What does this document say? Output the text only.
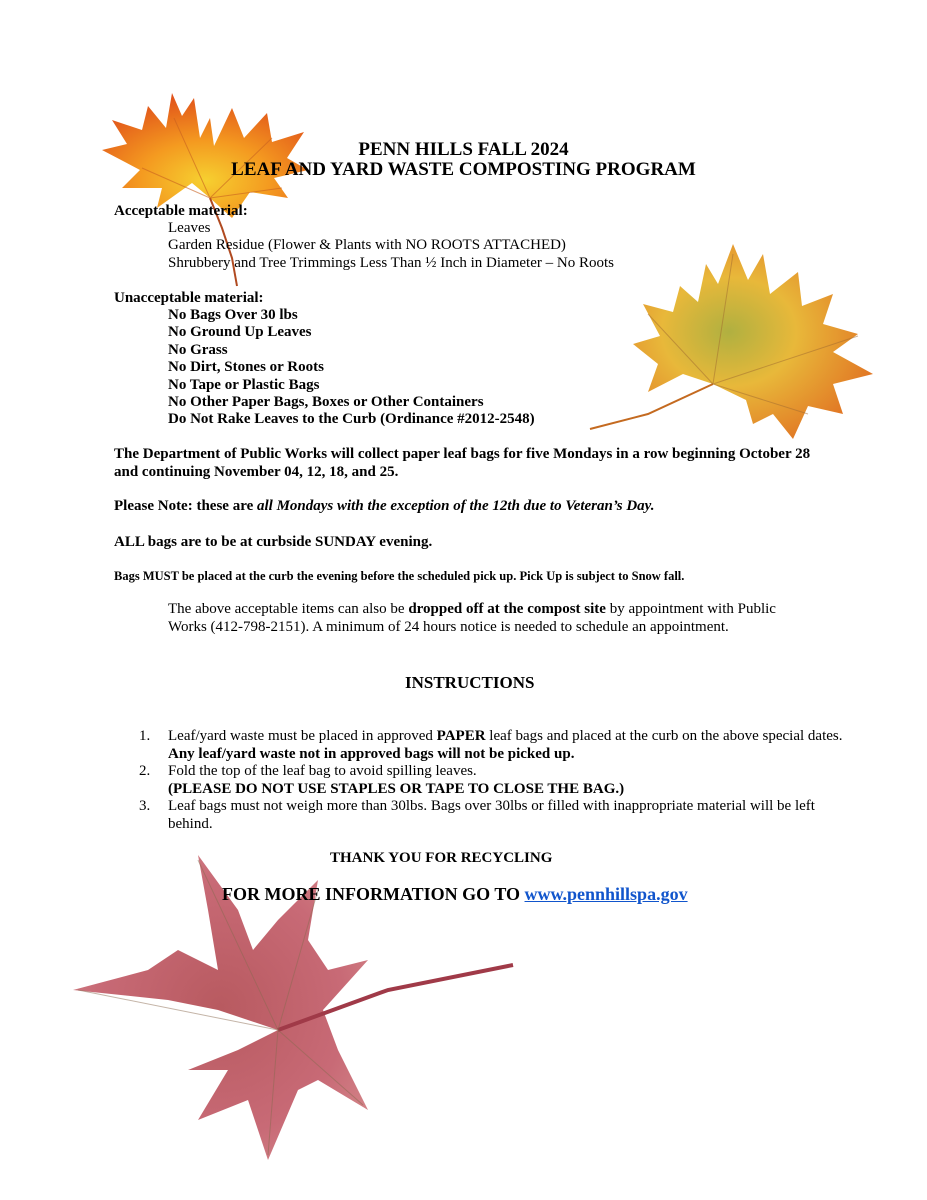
PENN HILLS FALL 2024
LEAF AND YARD WASTE COMPOSTING PROGRAM
Acceptable material:
Leaves
Garden Residue (Flower & Plants with NO ROOTS ATTACHED)
Shrubbery and Tree Trimmings Less Than ½ Inch in Diameter – No Roots
Unacceptable material:
No Bags Over 30 lbs
No Ground Up Leaves
No Grass
No Dirt, Stones or Roots
No Tape or Plastic Bags
No Other Paper Bags, Boxes or Other Containers
Do Not Rake Leaves to the Curb (Ordinance #2012-2548)
The Department of Public Works will collect paper leaf bags for five Mondays in a row beginning October 28 and continuing November 04, 12, 18, and 25.
Please Note: these are all Mondays with the exception of the 12th due to Veteran’s Day.
ALL bags are to be at curbside SUNDAY evening.
Bags MUST be placed at the curb the evening before the scheduled pick up. Pick Up is subject to Snow fall.
The above acceptable items can also be dropped off at the compost site by appointment with Public Works (412-798-2151). A minimum of 24 hours notice is needed to schedule an appointment.
INSTRUCTIONS
1. Leaf/yard waste must be placed in approved PAPER leaf bags and placed at the curb on the above special dates. Any leaf/yard waste not in approved bags will not be picked up.
2. Fold the top of the leaf bag to avoid spilling leaves.
(PLEASE DO NOT USE STAPLES OR TAPE TO CLOSE THE BAG.)
3. Leaf bags must not weigh more than 30lbs. Bags over 30lbs or filled with inappropriate material will be left behind.
THANK YOU FOR RECYCLING
FOR MORE INFORMATION GO TO www.pennhillspa.gov
